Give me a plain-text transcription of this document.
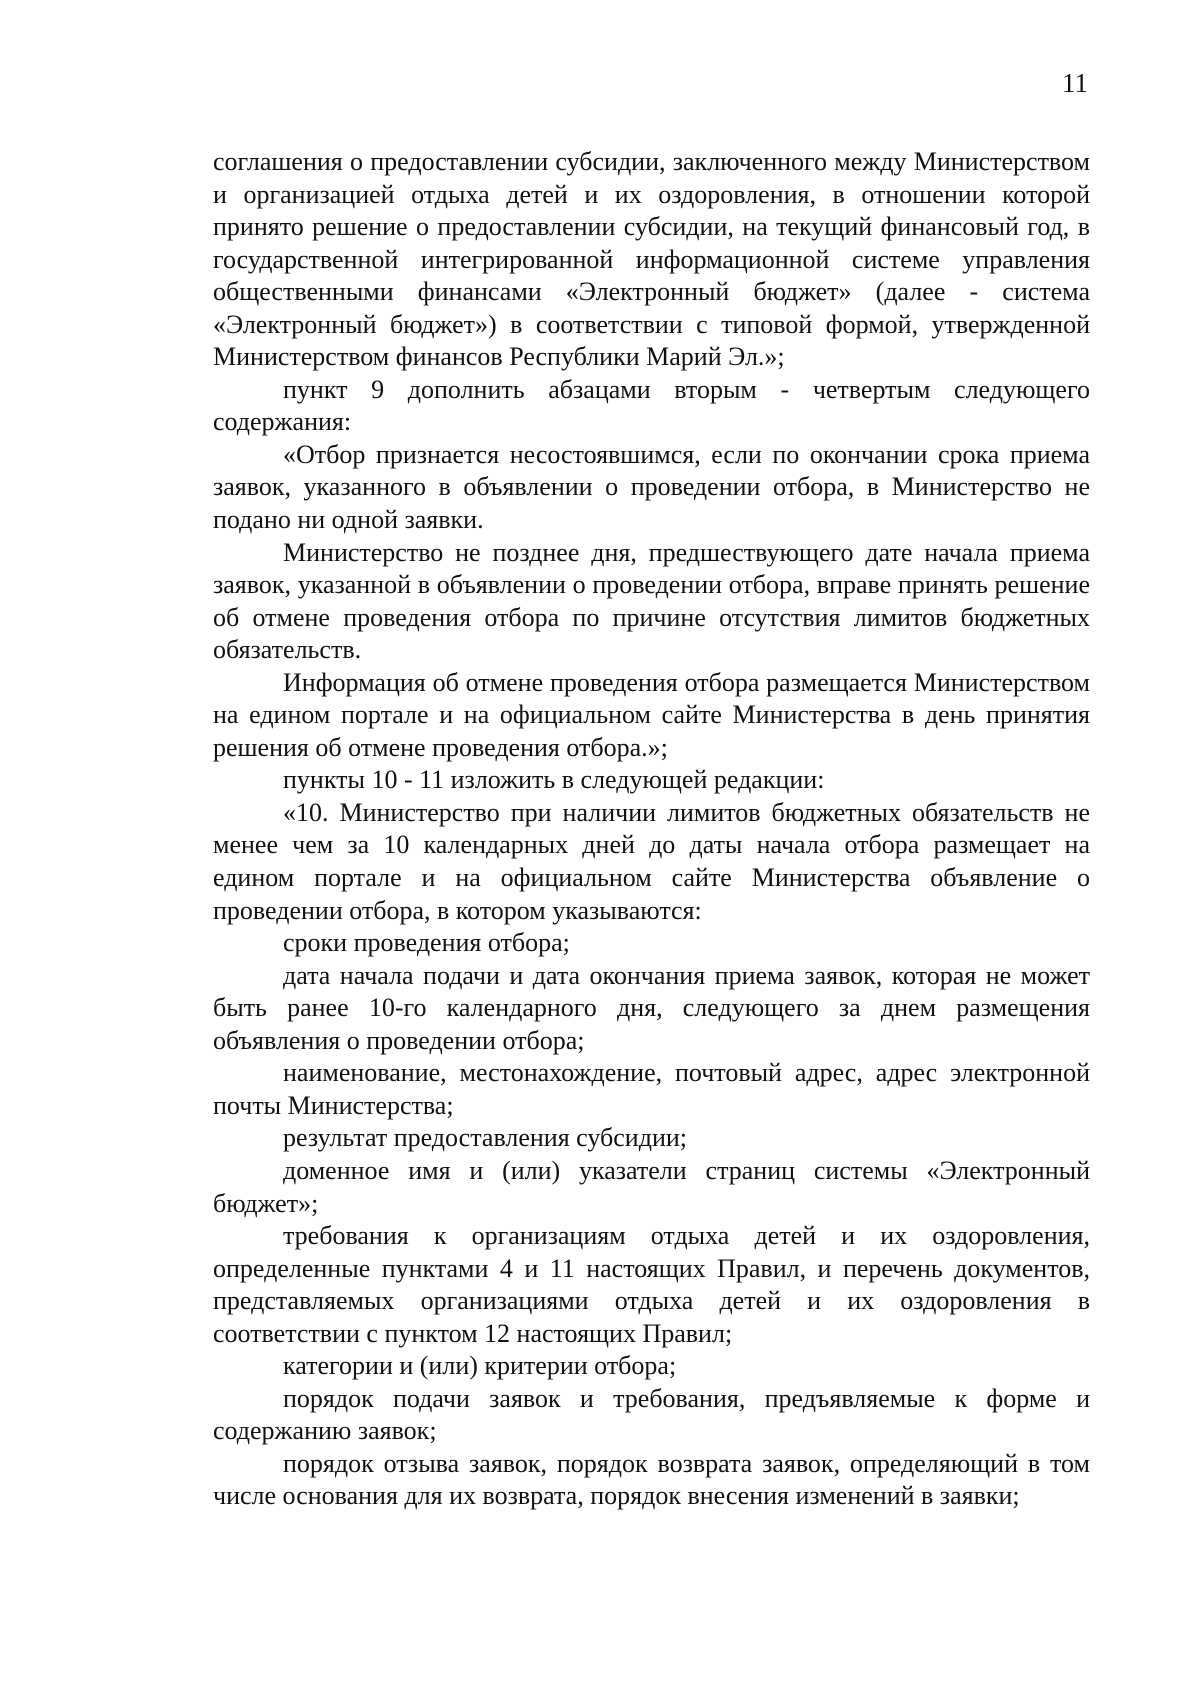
11

соглашения о предоставлении субсидии, заключенного между Министерством и организацией отдыха детей и их оздоровления, в отношении которой принято решение о предоставлении субсидии, на текущий финансовый год, в государственной интегрированной информационной системе управления общественными финансами «Электронный бюджет» (далее - система «Электронный бюджет») в соответствии с типовой формой, утвержденной Министерством финансов Республики Марий Эл.»;

пункт 9 дополнить абзацами вторым - четвертым следующего содержания:

«Отбор признается несостоявшимся, если по окончании срока приема заявок, указанного в объявлении о проведении отбора, в Министерство не подано ни одной заявки.

Министерство не позднее дня, предшествующего дате начала приема заявок, указанной в объявлении о проведении отбора, вправе принять решение об отмене проведения отбора по причине отсутствия лимитов бюджетных обязательств.

Информация об отмене проведения отбора размещается Министерством на едином портале и на официальном сайте Министерства в день принятия решения об отмене проведения отбора.»;

пункты 10 - 11 изложить в следующей редакции:

«10. Министерство при наличии лимитов бюджетных обязательств не менее чем за 10 календарных дней до даты начала отбора размещает на едином портале и на официальном сайте Министерства объявление о проведении отбора, в котором указываются:

сроки проведения отбора;

дата начала подачи и дата окончания приема заявок, которая не может быть ранее 10-го календарного дня, следующего за днем размещения объявления о проведении отбора;

наименование, местонахождение, почтовый адрес, адрес электронной почты Министерства;

результат предоставления субсидии;

доменное имя и (или) указатели страниц системы «Электронный бюджет»;

требования к организациям отдыха детей и их оздоровления, определенные пунктами 4 и 11 настоящих Правил, и перечень документов, представляемых организациями отдыха детей и их оздоровления в соответствии с пунктом 12 настоящих Правил;

категории и (или) критерии отбора;

порядок подачи заявок и требования, предъявляемые к форме и содержанию заявок;

порядок отзыва заявок, порядок возврата заявок, определяющий в том числе основания для их возврата, порядок внесения изменений в заявки;
